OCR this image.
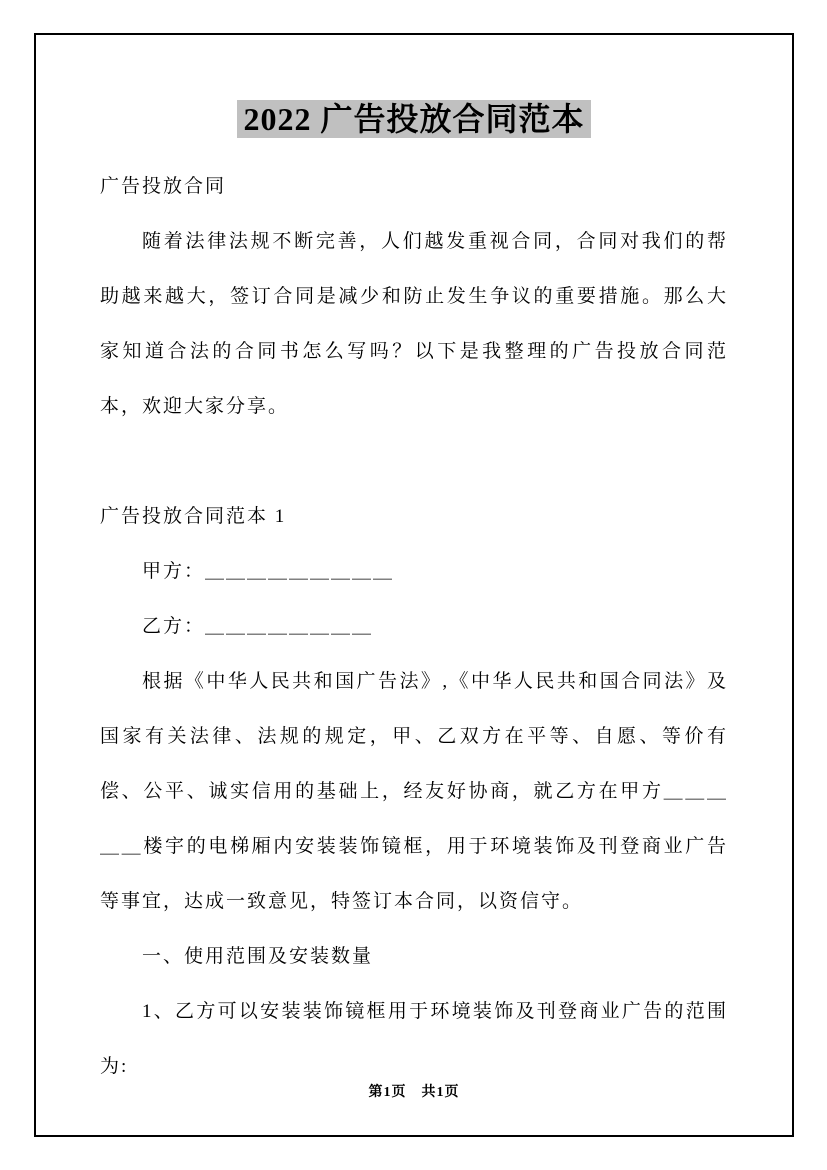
2022 广告投放合同范本

广告投放合同

随着法律法规不断完善，人们越发重视合同，合同对我们的帮助越来越大，签订合同是减少和防止发生争议的重要措施。那么大家知道合法的合同书怎么写吗？以下是我整理的广告投放合同范本，欢迎大家分享。

广告投放合同范本 1

甲方：＿＿＿＿＿＿＿＿＿

乙方：＿＿＿＿＿＿＿＿

根据《中华人民共和国广告法》,《中华人民共和国合同法》及国家有关法律、法规的规定，甲、乙双方在平等、自愿、等价有偿、公平、诚实信用的基础上，经友好协商，就乙方在甲方＿＿＿＿＿楼宇的电梯厢内安装装饰镜框，用于环境装饰及刊登商业广告等事宜，达成一致意见，特签订本合同，以资信守。

一、使用范围及安装数量

1、乙方可以安装装饰镜框用于环境装饰及刊登商业广告的范围为:

第1页　共1页
